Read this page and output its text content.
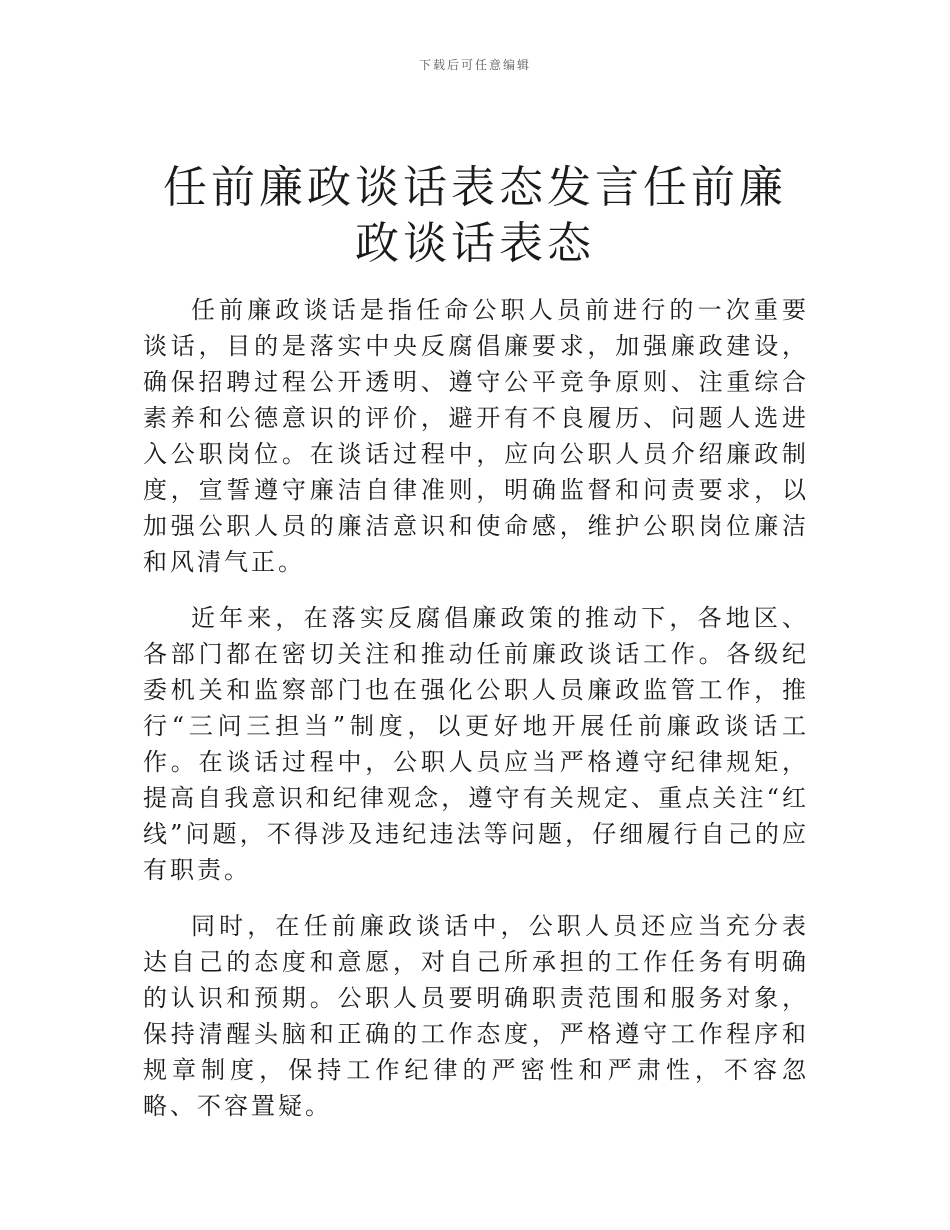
下载后可任意编辑
任前廉政谈话表态发言任前廉政谈话表态

任前廉政谈话是指任命公职人员前进行的一次重要谈话，目的是落实中央反腐倡廉要求，加强廉政建设，确保招聘过程公开透明、遵守公平竞争原则、注重综合素养和公德意识的评价，避开有不良履历、问题人选进入公职岗位。在谈话过程中，应向公职人员介绍廉政制度，宣誓遵守廉洁自律准则，明确监督和问责要求，以加强公职人员的廉洁意识和使命感，维护公职岗位廉洁和风清气正。

近年来，在落实反腐倡廉政策的推动下，各地区、各部门都在密切关注和推动任前廉政谈话工作。各级纪委机关和监察部门也在强化公职人员廉政监管工作，推行“三问三担当”制度，以更好地开展任前廉政谈话工作。在谈话过程中，公职人员应当严格遵守纪律规矩，提高自我意识和纪律观念，遵守有关规定、重点关注“红线”问题，不得涉及违纪违法等问题，仔细履行自己的应有职责。

同时，在任前廉政谈话中，公职人员还应当充分表达自己的态度和意愿，对自己所承担的工作任务有明确的认识和预期。公职人员要明确职责范围和服务对象，保持清醒头脑和正确的工作态度，严格遵守工作程序和规章制度，保持工作纪律的严密性和严肃性，不容忽略、不容置疑。
